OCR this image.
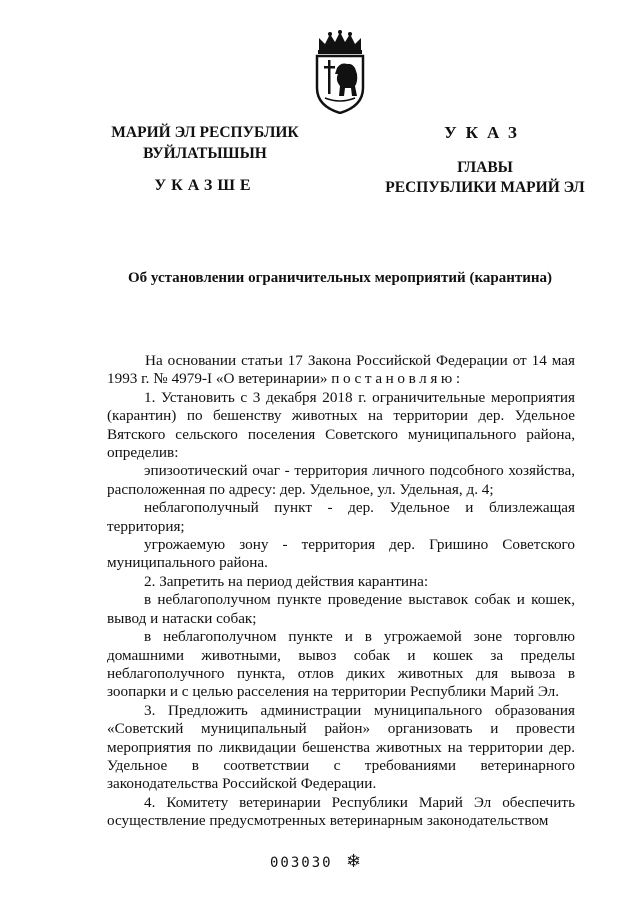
МАРИЙ ЭЛ РЕСПУБЛИК
ВУЙЛАТЫШЫН
УКАЗШЕ
УКАЗ
ГЛАВЫ
РЕСПУБЛИКИ МАРИЙ ЭЛ
Об установлении ограничительных мероприятий (карантина)

На основании статьи 17 Закона Российской Федерации от 14 мая 1993 г. № 4979-I «О ветеринарии» постановляю:

1. Установить с 3 декабря 2018 г. ограничительные мероприятия (карантин) по бешенству животных на территории дер. Удельное Вятского сельского поселения Советского муниципального района, определив:

эпизоотический очаг - территория личного подсобного хозяйства, расположенная по адресу: дер. Удельное, ул. Удельная, д. 4;

неблагополучный пункт - дер. Удельное и близлежащая территория;

угрожаемую зону - территория дер. Гришино Советского муниципального района.

2. Запретить на период действия карантина:

в неблагополучном пункте проведение выставок собак и кошек, вывод и натаски собак;

в неблагополучном пункте и в угрожаемой зоне торговлю домашними животными, вывоз собак и кошек за пределы неблагополучного пункта, отлов диких животных для вывоза в зоопарки и с целью расселения на территории Республики Марий Эл.

3. Предложить администрации муниципального образования «Советский муниципальный район» организовать и провести мероприятия по ликвидации бешенства животных на территории дер. Удельное в соответствии с требованиями ветеринарного законодательства Российской Федерации.

4. Комитету ветеринарии Республики Марий Эл обеспечить осуществление предусмотренных ветеринарным законодательством

003030 ❄
